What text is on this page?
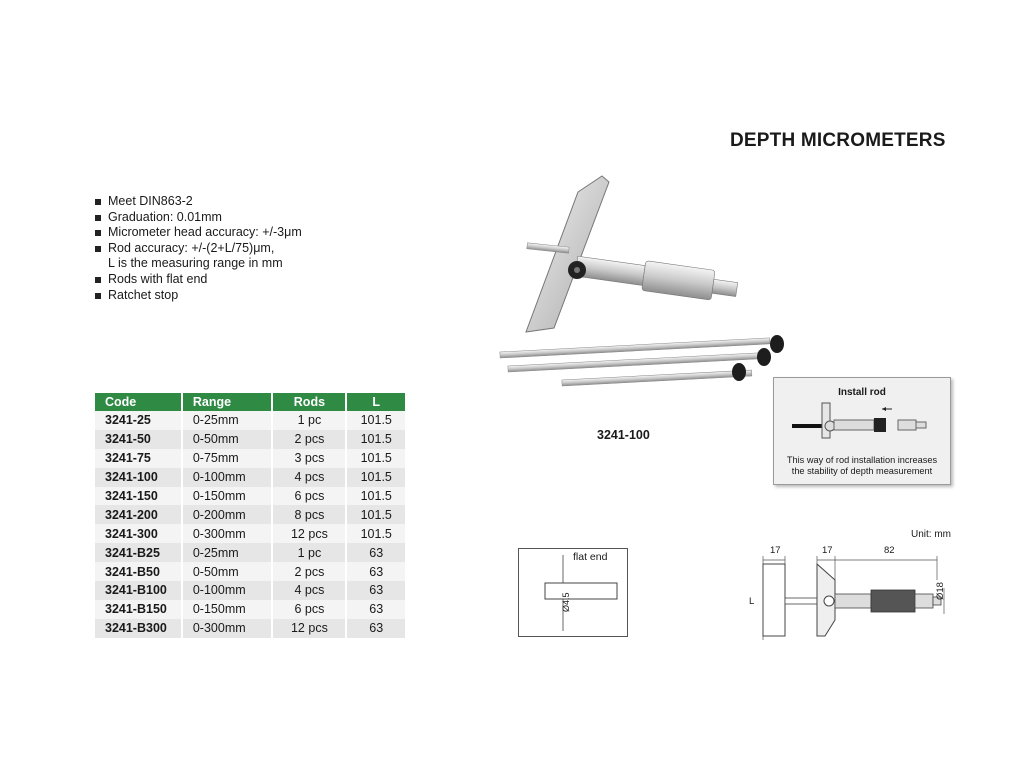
DEPTH MICROMETERS
Meet DIN863-2
Graduation: 0.01mm
Micrometer head accuracy: +/-3μm
Rod accuracy: +/-(2+L/75)μm,
L is the measuring range in mm
Rods with flat end
Ratchet stop
Code	Range	Rods	L
3241-25	0-25mm	1 pc	101.5
3241-50	0-50mm	2 pcs	101.5
3241-75	0-75mm	3 pcs	101.5
3241-100	0-100mm	4 pcs	101.5
3241-150	0-150mm	6 pcs	101.5
3241-200	0-200mm	8 pcs	101.5
3241-300	0-300mm	12 pcs	101.5
3241-B25	0-25mm	1 pc	63
3241-B50	0-50mm	2 pcs	63
3241-B100	0-100mm	4 pcs	63
3241-B150	0-150mm	6 pcs	63
3241-B300	0-300mm	12 pcs	63
3241-100
Install rod
This way of rod installation increases
the stability of depth measurement
Unit: mm
flat end
Ø4.5
17	17	82
Ø18
L
